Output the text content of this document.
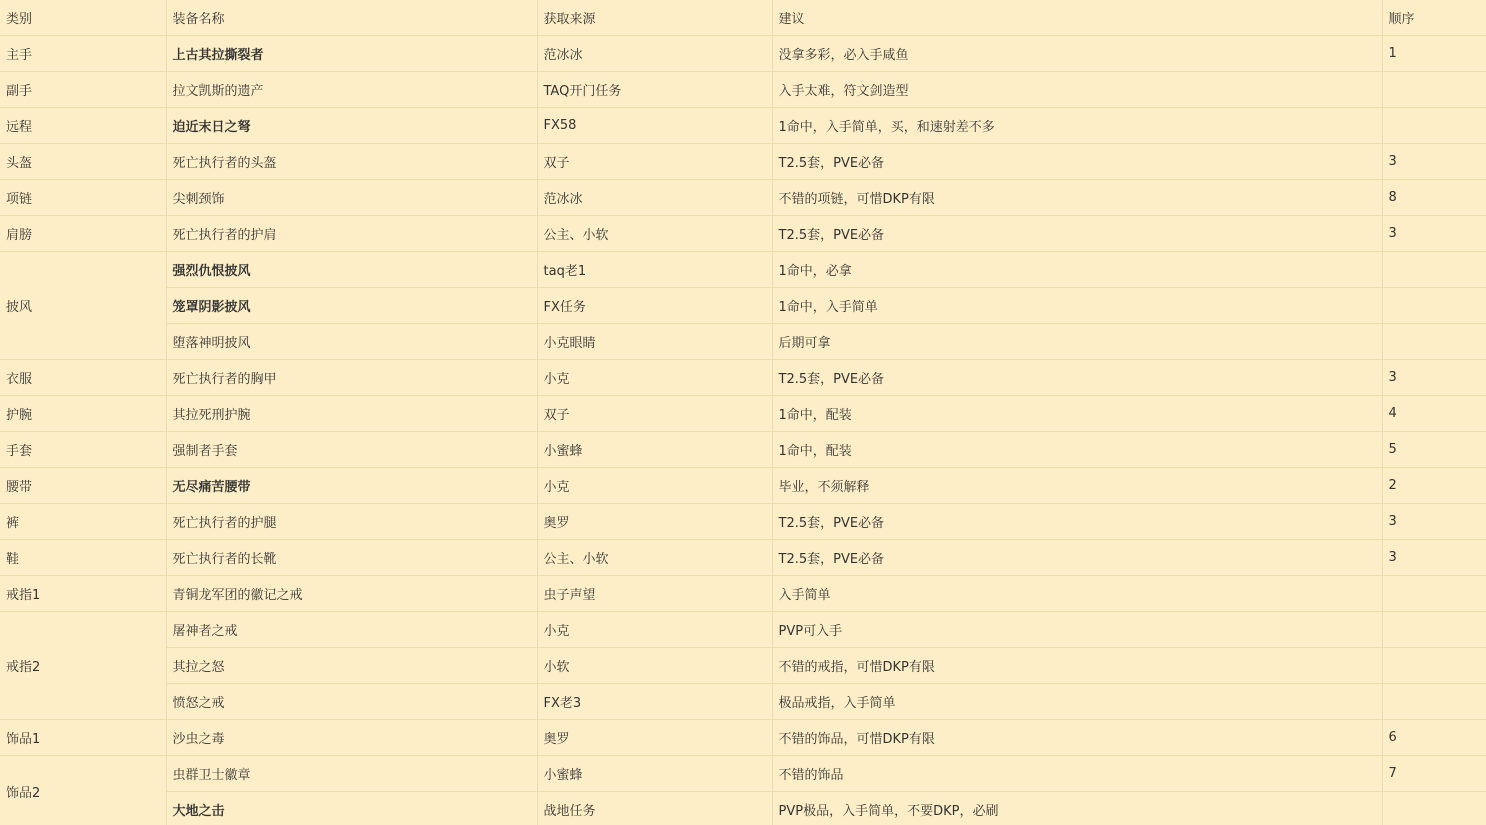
类别	装备名称	获取来源	建议	顺序
主手	上古其拉撕裂者	范冰冰	没拿多彩，必入手咸鱼	1
副手	拉文凯斯的遗产	TAQ开门任务	入手太难，符文剑造型	
远程	迫近末日之弩	FX58	1命中，入手简单，买，和速射差不多	
头盔	死亡执行者的头盔	双子	T2.5套，PVE必备	3
项链	尖刺颈饰	范冰冰	不错的项链，可惜DKP有限	8
肩膀	死亡执行者的护肩	公主、小软	T2.5套，PVE必备	3
披风	强烈仇恨披风	taq老1	1命中，必拿	
	笼罩阴影披风	FX任务	1命中，入手简单	
	堕落神明披风	小克眼睛	后期可拿	
衣服	死亡执行者的胸甲	小克	T2.5套，PVE必备	3
护腕	其拉死刑护腕	双子	1命中，配装	4
手套	强制者手套	小蜜蜂	1命中，配装	5
腰带	无尽痛苦腰带	小克	毕业，不须解释	2
裤	死亡执行者的护腿	奥罗	T2.5套，PVE必备	3
鞋	死亡执行者的长靴	公主、小软	T2.5套，PVE必备	3
戒指1	青铜龙军团的徽记之戒	虫子声望	入手简单	
戒指2	屠神者之戒	小克	PVP可入手	
	其拉之怒	小软	不错的戒指，可惜DKP有限	
	愤怒之戒	FX老3	极品戒指，入手简单	
饰品1	沙虫之毒	奥罗	不错的饰品，可惜DKP有限	6
饰品2	虫群卫士徽章	小蜜蜂	不错的饰品	7
	大地之击	战地任务	PVP极品，入手简单，不要DKP，必刷	
